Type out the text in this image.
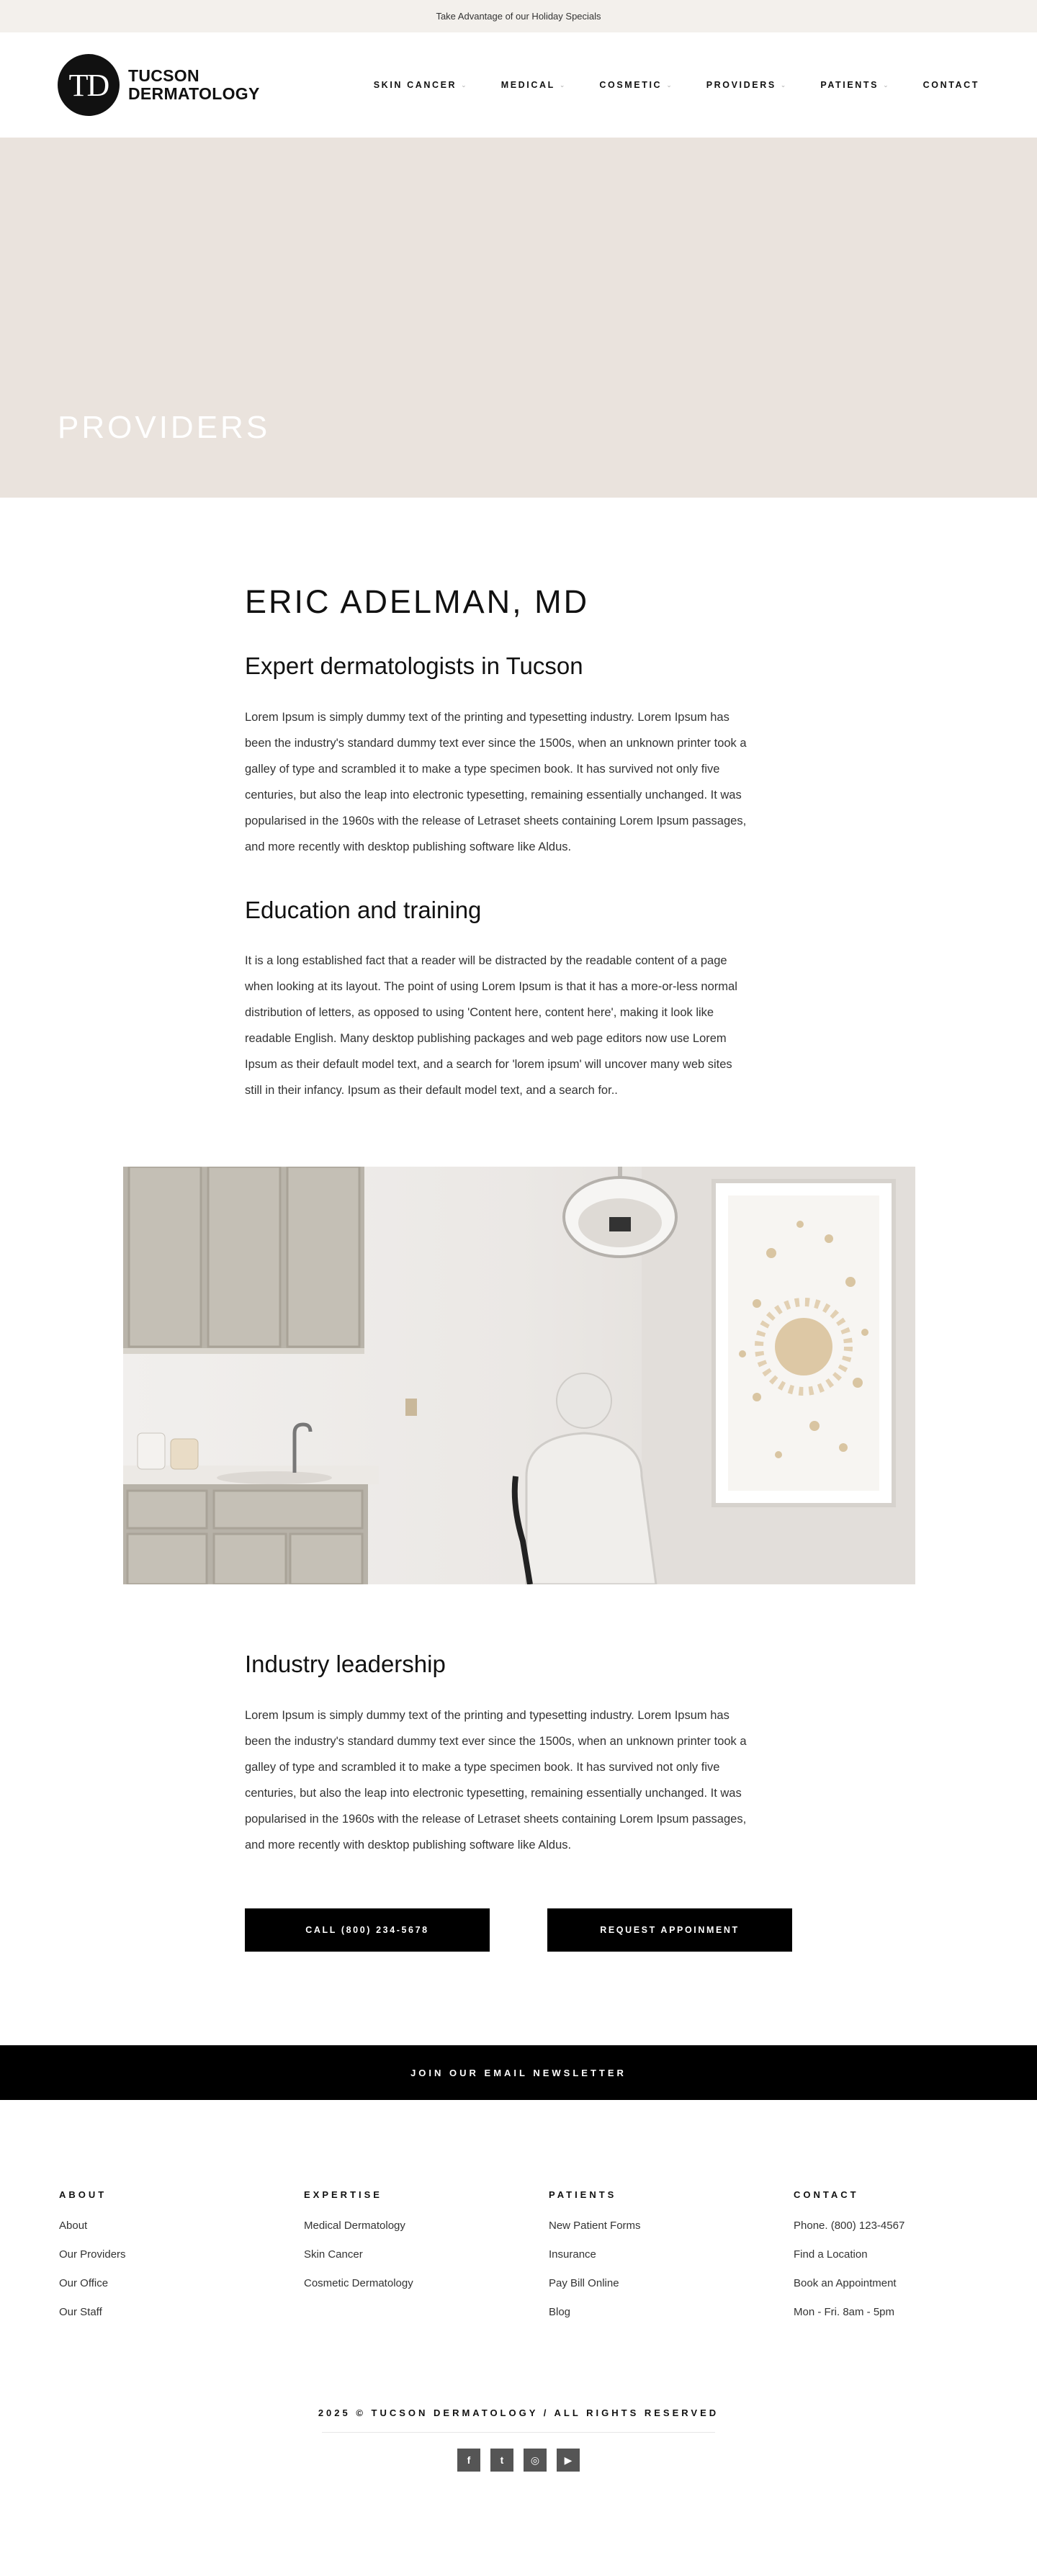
Take Advantage of our Holiday Specials
TD	TUCSON
DERMATOLOGY	SKIN CANCER ⌄	MEDICAL ⌄	COSMETIC ⌄	PROVIDERS ⌄	PATIENTS ⌄	CONTACT
PROVIDERS
ERIC ADELMAN, MD
Expert dermatologists in Tucson
Lorem Ipsum is simply dummy text of the printing and typesetting industry. Lorem Ipsum has
been the industry's standard dummy text ever since the 1500s, when an unknown printer took a
galley of type and scrambled it to make a type specimen book. It has survived not only five
centuries, but also the leap into electronic typesetting, remaining essentially unchanged. It was
popularised in the 1960s with the release of Letraset sheets containing Lorem Ipsum passages,
and more recently with desktop publishing software like Aldus.
Education and training
It is a long established fact that a reader will be distracted by the readable content of a page
when looking at its layout. The point of using Lorem Ipsum is that it has a more-or-less normal
distribution of letters, as opposed to using 'Content here, content here', making it look like
readable English. Many desktop publishing packages and web page editors now use Lorem
Ipsum as their default model text, and a search for 'lorem ipsum' will uncover many web sites
still in their infancy. Ipsum as their default model text, and a search for..
Industry leadership
Lorem Ipsum is simply dummy text of the printing and typesetting industry. Lorem Ipsum has
been the industry's standard dummy text ever since the 1500s, when an unknown printer took a
galley of type and scrambled it to make a type specimen book. It has survived not only five
centuries, but also the leap into electronic typesetting, remaining essentially unchanged. It was
popularised in the 1960s with the release of Letraset sheets containing Lorem Ipsum passages,
and more recently with desktop publishing software like Aldus.
CALL (800) 234-5678	REQUEST APPOINMENT
JOIN OUR EMAIL NEWSLETTER
ABOUT
About
Our Providers
Our Office
Our Staff
EXPERTISE
Medical Dermatology
Skin Cancer
Cosmetic Dermatology
PATIENTS
New Patient Forms
Insurance
Pay Bill Online
Blog
CONTACT
Phone. (800) 123-4567
Find a Location
Book an Appointment
Mon - Fri. 8am - 5pm
2025 © TUCSON DERMATOLOGY / ALL RIGHTS RESERVED
f	t	◎	▶
